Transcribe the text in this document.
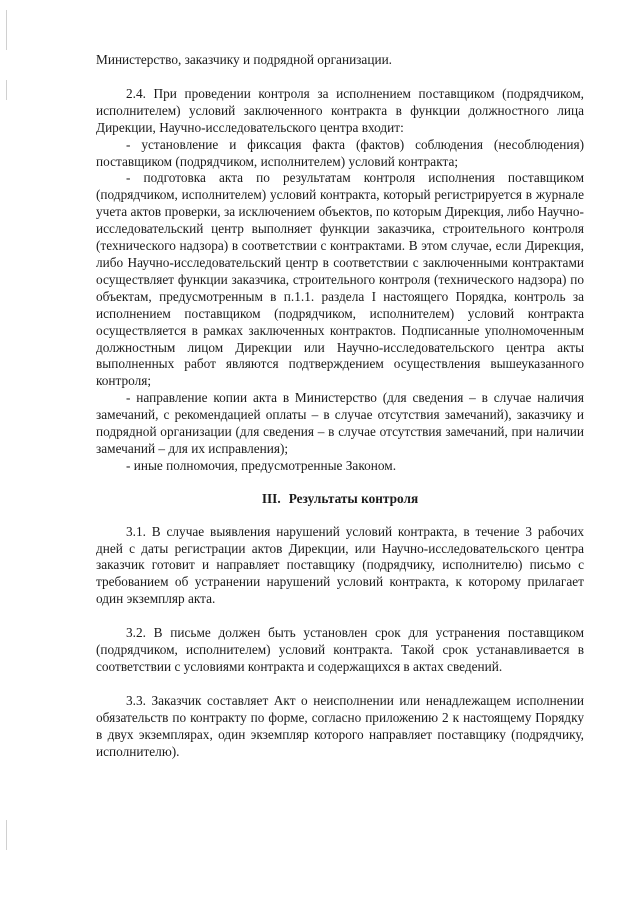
Министерство, заказчику и подрядной организации.

2.4. При проведении контроля за исполнением поставщиком (подрядчиком, исполнителем) условий заключенного контракта в функции должностного лица Дирекции, Научно-исследовательского центра входит:

- установление и фиксация факта (фактов) соблюдения (несоблюдения) поставщиком (подрядчиком, исполнителем) условий контракта;

- подготовка акта по результатам контроля исполнения поставщиком (подрядчиком, исполнителем) условий контракта, который регистрируется в журнале учета актов проверки, за исключением объектов, по которым Дирекция, либо Научно-исследовательский центр выполняет функции заказчика, строительного контроля (технического надзора) в соответствии с контрактами. В этом случае, если Дирекция, либо Научно-исследовательский центр в соответствии с заключенными контрактами осуществляет функции заказчика, строительного контроля (технического надзора) по объектам, предусмотренным в п.1.1. раздела I настоящего Порядка, контроль за исполнением поставщиком (подрядчиком, исполнителем) условий контракта осуществляется в рамках заключенных контрактов. Подписанные уполномоченным должностным лицом Дирекции или Научно-исследовательского центра акты выполненных работ являются подтверждением осуществления вышеуказанного контроля;

- направление копии акта в Министерство (для сведения – в случае наличия замечаний, с рекомендацией оплаты – в случае отсутствия замечаний), заказчику и подрядной организации (для сведения – в случае отсутствия замечаний, при наличии замечаний – для их исправления);

- иные полномочия, предусмотренные Законом.

III. Результаты контроля

3.1. В случае выявления нарушений условий контракта, в течение 3 рабочих дней с даты регистрации актов Дирекции, или Научно-исследовательского центра заказчик готовит и направляет поставщику (подрядчику, исполнителю) письмо с требованием об устранении нарушений условий контракта, к которому прилагает один экземпляр акта.

3.2. В письме должен быть установлен срок для устранения поставщиком (подрядчиком, исполнителем) условий контракта. Такой срок устанавливается в соответствии с условиями контракта и содержащихся в актах сведений.

3.3. Заказчик составляет Акт о неисполнении или ненадлежащем исполнении обязательств по контракту по форме, согласно приложению 2 к настоящему Порядку в двух экземплярах, один экземпляр которого направляет поставщику (подрядчику, исполнителю).
